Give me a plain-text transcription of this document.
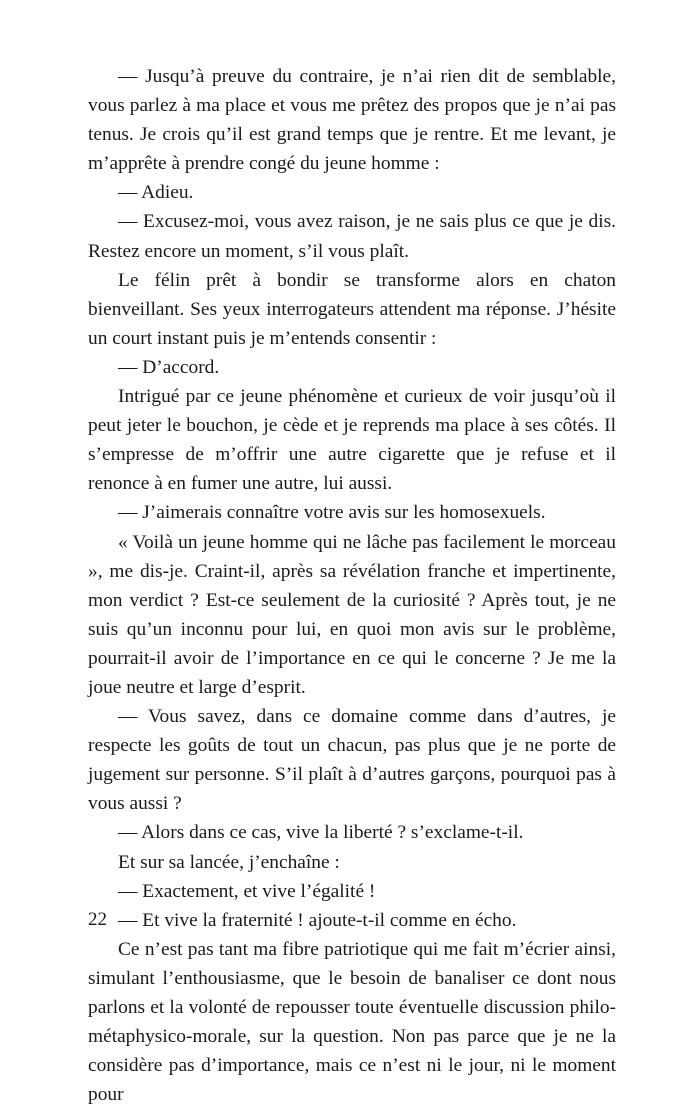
— Jusqu’à preuve du contraire, je n’ai rien dit de semblable, vous parlez à ma place et vous me prêtez des propos que je n’ai pas tenus. Je crois qu’il est grand temps que je rentre. Et me levant, je m’apprête à prendre congé du jeune homme :

— Adieu.

— Excusez-moi, vous avez raison, je ne sais plus ce que je dis. Restez encore un moment, s’il vous plaît.

Le félin prêt à bondir se transforme alors en chaton bienveillant. Ses yeux interrogateurs attendent ma réponse. J’hésite un court instant puis je m’entends consentir :

— D’accord.

Intrigué par ce jeune phénomène et curieux de voir jusqu’où il peut jeter le bouchon, je cède et je reprends ma place à ses côtés. Il s’empresse de m’offrir une autre cigarette que je refuse et il renonce à en fumer une autre, lui aussi.

— J’aimerais connaître votre avis sur les homosexuels.

« Voilà un jeune homme qui ne lâche pas facilement le morceau », me dis-je. Craint-il, après sa révélation franche et impertinente, mon verdict ? Est-ce seulement de la curiosité ? Après tout, je ne suis qu’un inconnu pour lui, en quoi mon avis sur le problème, pourrait-il avoir de l’importance en ce qui le concerne ? Je me la joue neutre et large d’esprit.

— Vous savez, dans ce domaine comme dans d’autres, je respecte les goûts de tout un chacun, pas plus que je ne porte de jugement sur personne. S’il plaît à d’autres garçons, pourquoi pas à vous aussi ?

— Alors dans ce cas, vive la liberté ? s’exclame-t-il.

Et sur sa lancée, j’enchaîne :

— Exactement, et vive l’égalité !

— Et vive la fraternité ! ajoute-t-il comme en écho.

Ce n’est pas tant ma fibre patriotique qui me fait m’écrier ainsi, simulant l’enthousiasme, que le besoin de banaliser ce dont nous parlons et la volonté de repousser toute éventuelle discussion philo-métaphysico-morale, sur la question. Non pas parce que je ne la considère pas d’importance, mais ce n’est ni le jour, ni le moment pour

22
